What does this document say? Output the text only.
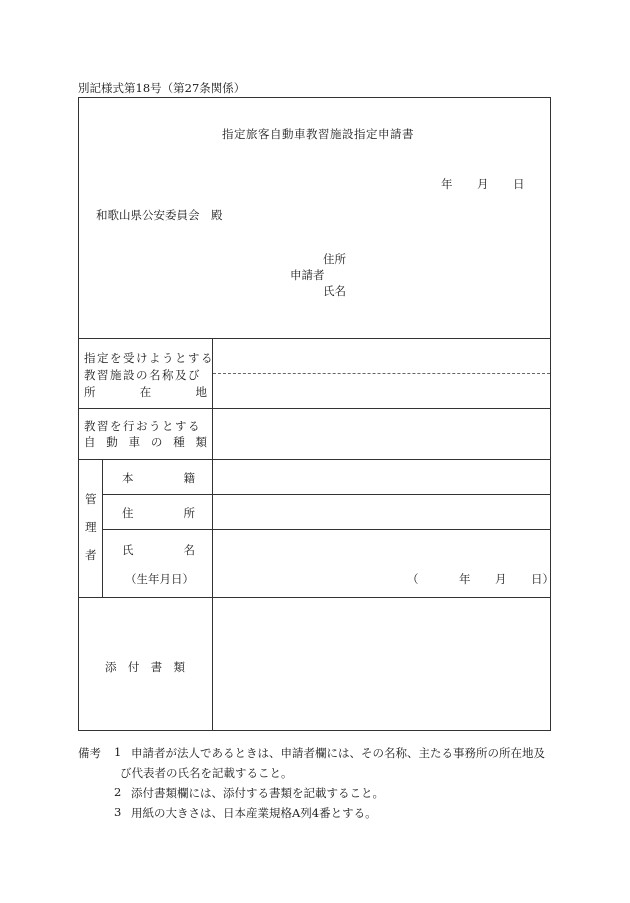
別記様式第18号（第27条関係）
指定旅客自動車教習施設指定申請書
年 月 日
和歌山県公安委員会　殿
住所
申請者
氏名
指定を受けようとする
教習施設の名称及び
所	在	地
教習を行おうとする
自 動 車 の 種 類
管
理
者
本	籍
住	所
氏	名
（生年月日）	（	年 月 日）
添 付 書 類
備考 1 申請者が法人であるときは、申請者欄には、その名称、主たる事務所の所在地及
び代表者の氏名を記載すること。
2 添付書類欄には、添付する書類を記載すること。
3 用紙の大きさは、日本産業規格A列4番とする。
